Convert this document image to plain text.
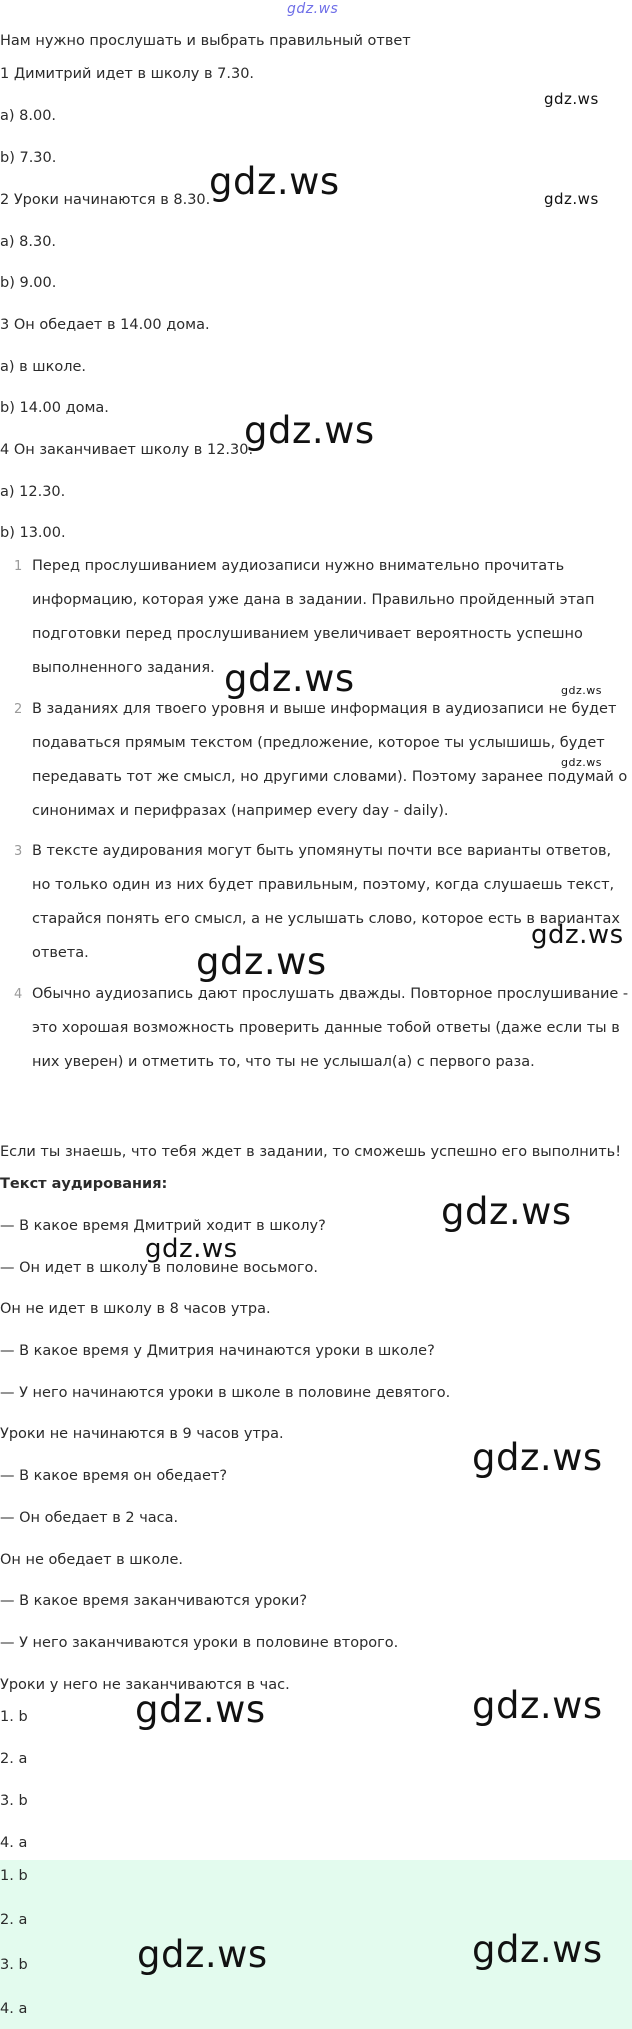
gdz.ws
Нам нужно прослушать и выбрать правильный ответ
1 Димитрий идет в школу в 7.30.
a) 8.00.
b) 7.30.
2 Уроки начинаются в 8.30.
a) 8.30.
b) 9.00.
3 Он обедает в 14.00 дома.
a) в школе.
b) 14.00 дома.
4 Он заканчивает школу в 12.30.
a) 12.30.
b) 13.00.
1 Перед прослушиванием аудиозаписи нужно внимательно прочитать информацию, которая уже дана в задании. Правильно пройденный этап подготовки перед прослушиванием увеличивает вероятность успешно выполненного задания.
2 В заданиях для твоего уровня и выше информация в аудиозаписи не будет подаваться прямым текстом (предложение, которое ты услышишь, будет передавать тот же смысл, но другими словами). Поэтому заранее подумай о синонимах и перифразах (например every day - daily).
3 В тексте аудирования могут быть упомянуты почти все варианты ответов, но только один из них будет правильным, поэтому, когда слушаешь текст, старайся понять его смысл, а не услышать слово, которое есть в вариантах ответа.
4 Обычно аудиозапись дают прослушать дважды. Повторное прослушивание - это хорошая возможность проверить данные тобой ответы (даже если ты в них уверен) и отметить то, что ты не услышал(а) с первого раза.
Если ты знаешь, что тебя ждет в задании, то сможешь успешно его выполнить!
Текст аудирования:
— В какое время Дмитрий ходит в школу?
— Он идет в школу в половине восьмого.
Он не идет в школу в 8 часов утра.
— В какое время у Дмитрия начинаются уроки в школе?
— У него начинаются уроки в школе в половине девятого.
Уроки не начинаются в 9 часов утра.
— В какое время он обедает?
— Он обедает в 2 часа.
Он не обедает в школе.
— В какое время заканчиваются уроки?
— У него заканчиваются уроки в половине второго.
Уроки у него не заканчиваются в час.
1. b
2. a
3. b
4. a
1. b
2. a
3. b
4. a
gdz.ws
gdz.ws	gdz.ws
gdz.ws
gdz.ws	gdz.ws
gdz.ws
gdz.ws
gdz.ws
gdz.ws
gdz.ws
gdz.ws
gdz.ws	gdz.ws
gdz.ws	gdz.ws
